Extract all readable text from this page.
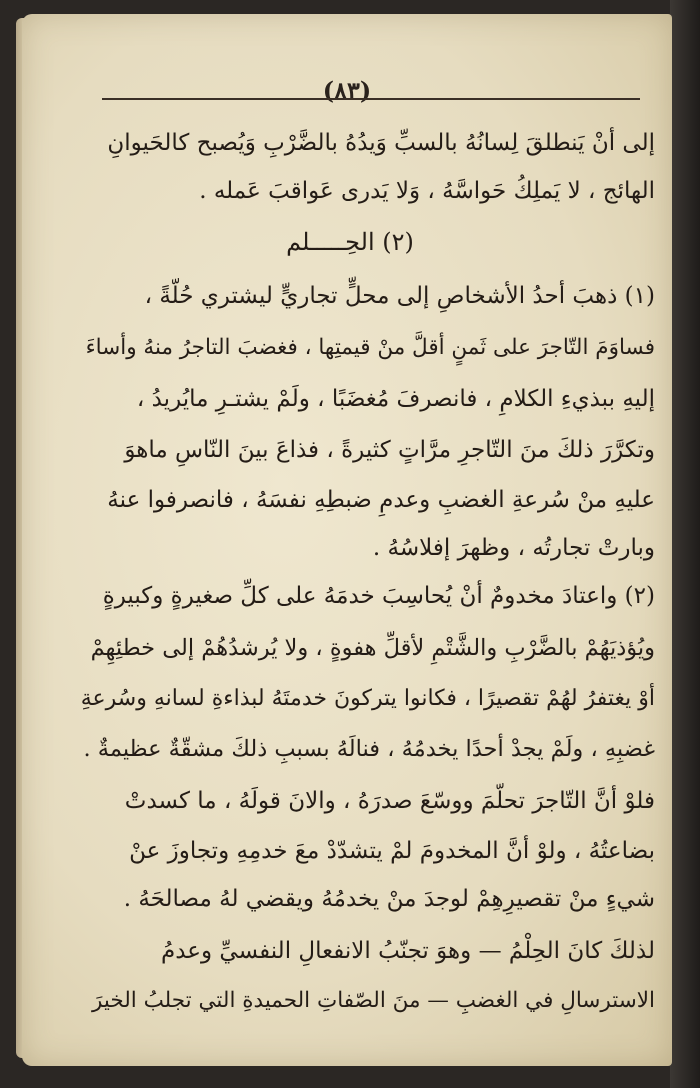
(٨٣)
(٢) الحِـــــلم
إلى أنْ يَنطلقَ لِسانُهُ بالسبِّ وَيدُهُ بالضَّرْبِ وَيُصبح كالحَيوانِ
الهائج ، لا يَملِكُ حَواسَّهُ ، وَلا يَدرى عَواقبَ عَمله .
(١) ذهبَ أحدُ الأشخاصِ إلى محلٍّ تجاريٍّ ليشتري حُلّةً ،
فساوَمَ التّاجرَ على ثَمنٍ أقلَّ منْ قيمتِها ، فغضبَ التاجرُ منهُ وأساءَ
إليهِ ببذيءِ الكلامِ ، فانصرفَ مُغضَبًا ، ولَمْ يشتـرِ مايُريدُ ،
وتكرَّرَ ذلكَ منَ التّاجرِ مرَّاتٍ كثيرةً ، فذاعَ بينَ النّاسِ ماهوَ
عليهِ منْ سُرعةِ الغضبِ وعدمِ ضبطِهِ نفسَهُ ، فانصرفوا عنهُ
وبارتْ تجارتُه ، وظهرَ إفلاسُهُ .
(٢) واعتادَ مخدومٌ أنْ يُحاسِبَ خدمَهُ على كلِّ صغيرةٍ وكبيرةٍ
ويُؤذيَهُمْ بالضَّرْبِ والشَّتْمِ لأقلِّ هفوةٍ ، ولا يُرشدُهُمْ إلى خطئِهِمْ
أوْ يغتفرُ لهُمْ تقصيرًا ، فكانوا يتركونَ خدمتَهُ لبذاءةِ لسانهِ وسُرعةِ
غضبِهِ ، ولَمْ يجدْ أحدًا يخدمُهُ ، فنالَهُ بسببِ ذلكَ مشقّةٌ عظيمةٌ .
فلوْ أنَّ التّاجرَ تحلّمَ ووسّعَ صدرَهُ ، والانَ قولَهُ ، ما كسدتْ
بضاعتُهُ ، ولوْ أنَّ المخدومَ لمْ يتشدّدْ معَ خدمِهِ وتجاوزَ عنْ
شيءٍ منْ تقصيرِهِمْ لوجدَ منْ يخدمُهُ ويقضي لهُ مصالحَهُ .
لذلكَ كانَ الحِلْمُ — وهوَ تجنّبُ الانفعالِ النفسيِّ وعدمُ
الاسترسالِ في الغضبِ — منَ الصّفاتِ الحميدةِ التي تجلبُ الخيرَ
